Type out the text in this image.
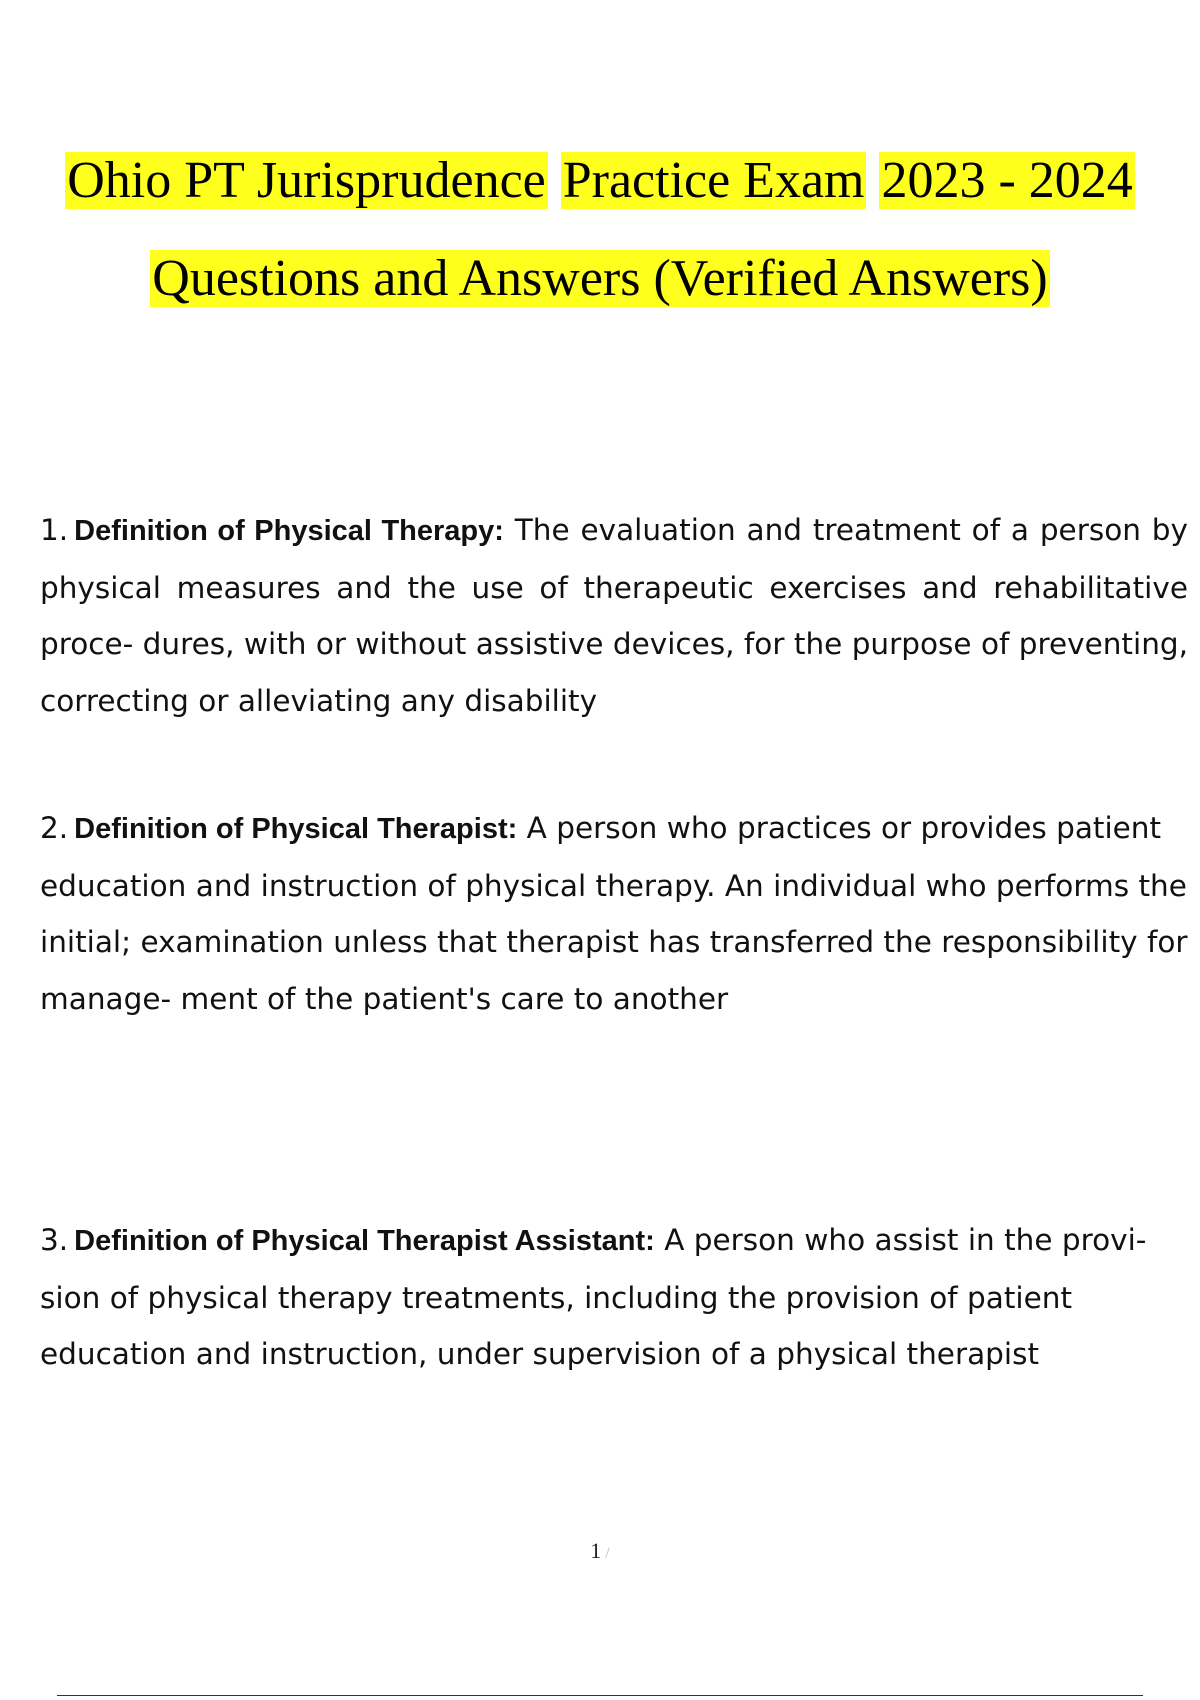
Ohio PT Jurisprudence Practice Exam 2023 - 2024
Questions and Answers (Verified Answers)
1. Definition of Physical Therapy: The evaluation and treatment of a person by physical measures and the use of therapeutic exercises and rehabilitative proce- dures, with or without assistive devices, for the purpose of preventing, correcting or alleviating any disability
2. Definition of Physical Therapist: A person who practices or provides patient education and instruction of physical therapy. An individual who performs the initial; examination unless that therapist has transferred the responsibility for manage- ment of the patient's care to another
3. Definition of Physical Therapist Assistant: A person who assist in the provi- sion of physical therapy treatments, including the provision of patient education and instruction, under supervision of a physical therapist
1 /
